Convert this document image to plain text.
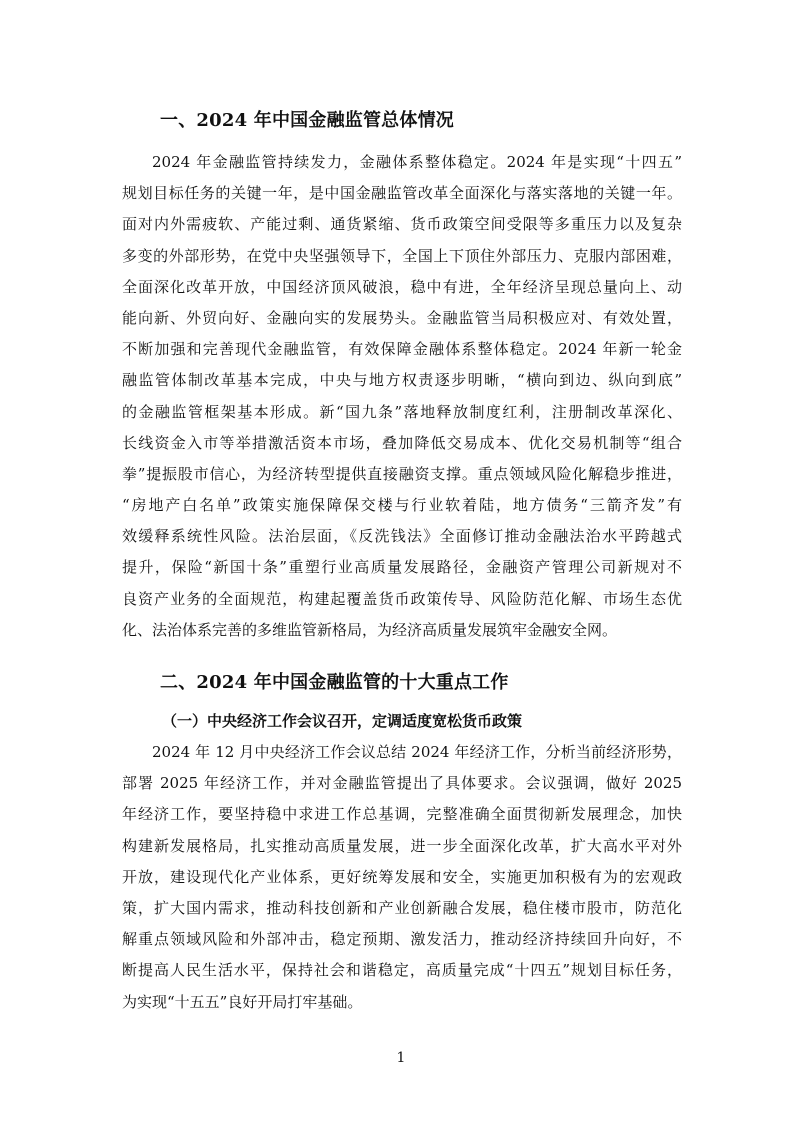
一、2024 年中国金融监管总体情况
2024 年金融监管持续发力，金融体系整体稳定。2024 年是实现“十四五”
规划目标任务的关键一年，是中国金融监管改革全面深化与落实落地的关键一年。
面对内外需疲软、产能过剩、通货紧缩、货币政策空间受限等多重压力以及复杂
多变的外部形势，在党中央坚强领导下，全国上下顶住外部压力、克服内部困难，
全面深化改革开放，中国经济顶风破浪，稳中有进，全年经济呈现总量向上、动
能向新、外贸向好、金融向实的发展势头。金融监管当局积极应对、有效处置，
不断加强和完善现代金融监管，有效保障金融体系整体稳定。2024 年新一轮金
融监管体制改革基本完成，中央与地方权责逐步明晰，“横向到边、纵向到底”
的金融监管框架基本形成。新“国九条”落地释放制度红利，注册制改革深化、
长线资金入市等举措激活资本市场，叠加降低交易成本、优化交易机制等“组合
拳”提振股市信心，为经济转型提供直接融资支撑。重点领域风险化解稳步推进，
“房地产白名单”政策实施保障保交楼与行业软着陆，地方债务“三箭齐发”有
效缓释系统性风险。法治层面，《反洗钱法》全面修订推动金融法治水平跨越式
提升，保险“新国十条”重塑行业高质量发展路径，金融资产管理公司新规对不
良资产业务的全面规范，构建起覆盖货币政策传导、风险防范化解、市场生态优
化、法治体系完善的多维监管新格局，为经济高质量发展筑牢金融安全网。
二、2024 年中国金融监管的十大重点工作
（一）中央经济工作会议召开，定调适度宽松货币政策
2024 年 12 月中央经济工作会议总结 2024 年经济工作，分析当前经济形势，
部署 2025 年经济工作，并对金融监管提出了具体要求。会议强调，做好 2025
年经济工作，要坚持稳中求进工作总基调，完整准确全面贯彻新发展理念，加快
构建新发展格局，扎实推动高质量发展，进一步全面深化改革，扩大高水平对外
开放，建设现代化产业体系，更好统筹发展和安全，实施更加积极有为的宏观政
策，扩大国内需求，推动科技创新和产业创新融合发展，稳住楼市股市，防范化
解重点领域风险和外部冲击，稳定预期、激发活力，推动经济持续回升向好，不
断提高人民生活水平，保持社会和谐稳定，高质量完成“十四五”规划目标任务，
为实现“十五五”良好开局打牢基础。
1
